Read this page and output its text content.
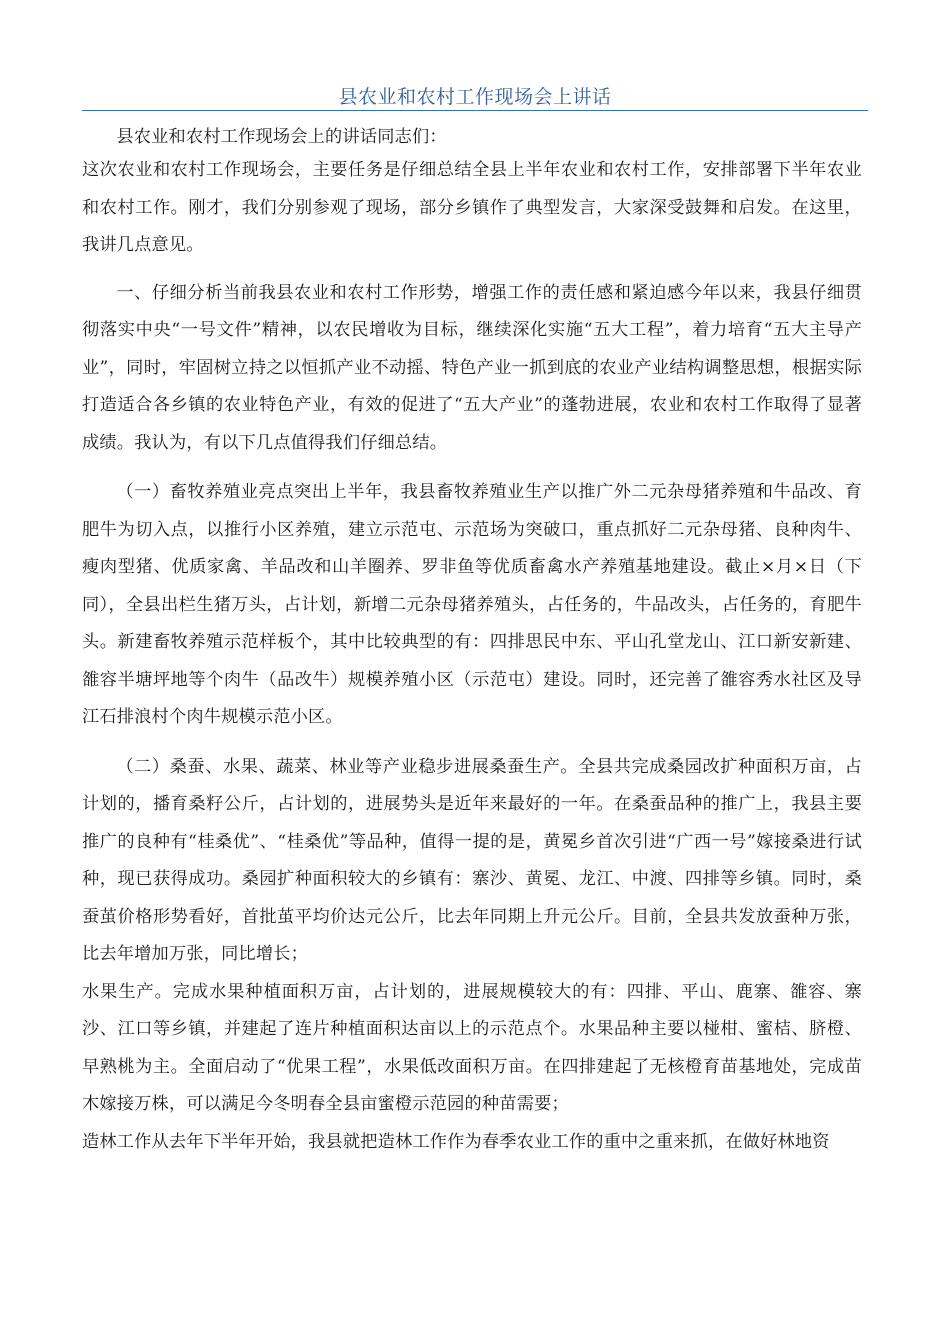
县农业和农村工作现场会上讲话

县农业和农村工作现场会上的讲话同志们：

这次农业和农村工作现场会，主要任务是仔细总结全县上半年农业和农村工作，安排部署下半年农业和农村工作。刚才，我们分别参观了现场，部分乡镇作了典型发言，大家深受鼓舞和启发。在这里，我讲几点意见。

一、仔细分析当前我县农业和农村工作形势，增强工作的责任感和紧迫感今年以来，我县仔细贯彻落实中央“一号文件”精神，以农民增收为目标，继续深化实施“五大工程”，着力培育“五大主导产业”，同时，牢固树立持之以恒抓产业不动摇、特色产业一抓到底的农业产业结构调整思想，根据实际打造适合各乡镇的农业特色产业，有效的促进了“五大产业”的蓬勃进展，农业和农村工作取得了显著成绩。我认为，有以下几点值得我们仔细总结。

（一）畜牧养殖业亮点突出上半年，我县畜牧养殖业生产以推广外二元杂母猪养殖和牛品改、育肥牛为切入点，以推行小区养殖，建立示范屯、示范场为突破口，重点抓好二元杂母猪、良种肉牛、瘦肉型猪、优质家禽、羊品改和山羊圈养、罗非鱼等优质畜禽水产养殖基地建设。截止×月×日（下同），全县出栏生猪万头，占计划，新增二元杂母猪养殖头，占任务的，牛品改头，占任务的，育肥牛头。新建畜牧养殖示范样板个，其中比较典型的有：四排思民中东、平山孔堂龙山、江口新安新建、雒容半塘坪地等个肉牛（品改牛）规模养殖小区（示范屯）建设。同时，还完善了雒容秀水社区及导江石排浪村个肉牛规模示范小区。

（二）桑蚕、水果、蔬菜、林业等产业稳步进展桑蚕生产。全县共完成桑园改扩种面积万亩，占计划的，播育桑籽公斤，占计划的，进展势头是近年来最好的一年。在桑蚕品种的推广上，我县主要推广的良种有“桂桑优”、“桂桑优”等品种，值得一提的是，黄冕乡首次引进“广西一号”嫁接桑进行试种，现已获得成功。桑园扩种面积较大的乡镇有：寨沙、黄冕、龙江、中渡、四排等乡镇。同时，桑蚕茧价格形势看好，首批茧平均价达元公斤，比去年同期上升元公斤。目前，全县共发放蚕种万张，比去年增加万张，同比增长；

水果生产。完成水果种植面积万亩，占计划的，进展规模较大的有：四排、平山、鹿寨、雒容、寨沙、江口等乡镇，并建起了连片种植面积达亩以上的示范点个。水果品种主要以椪柑、蜜桔、脐橙、早熟桃为主。全面启动了“优果工程”，水果低改面积万亩。在四排建起了无核橙育苗基地处，完成苗木嫁接万株，可以满足今冬明春全县亩蜜橙示范园的种苗需要；

造林工作从去年下半年开始，我县就把造林工作作为春季农业工作的重中之重来抓，在做好林地资
